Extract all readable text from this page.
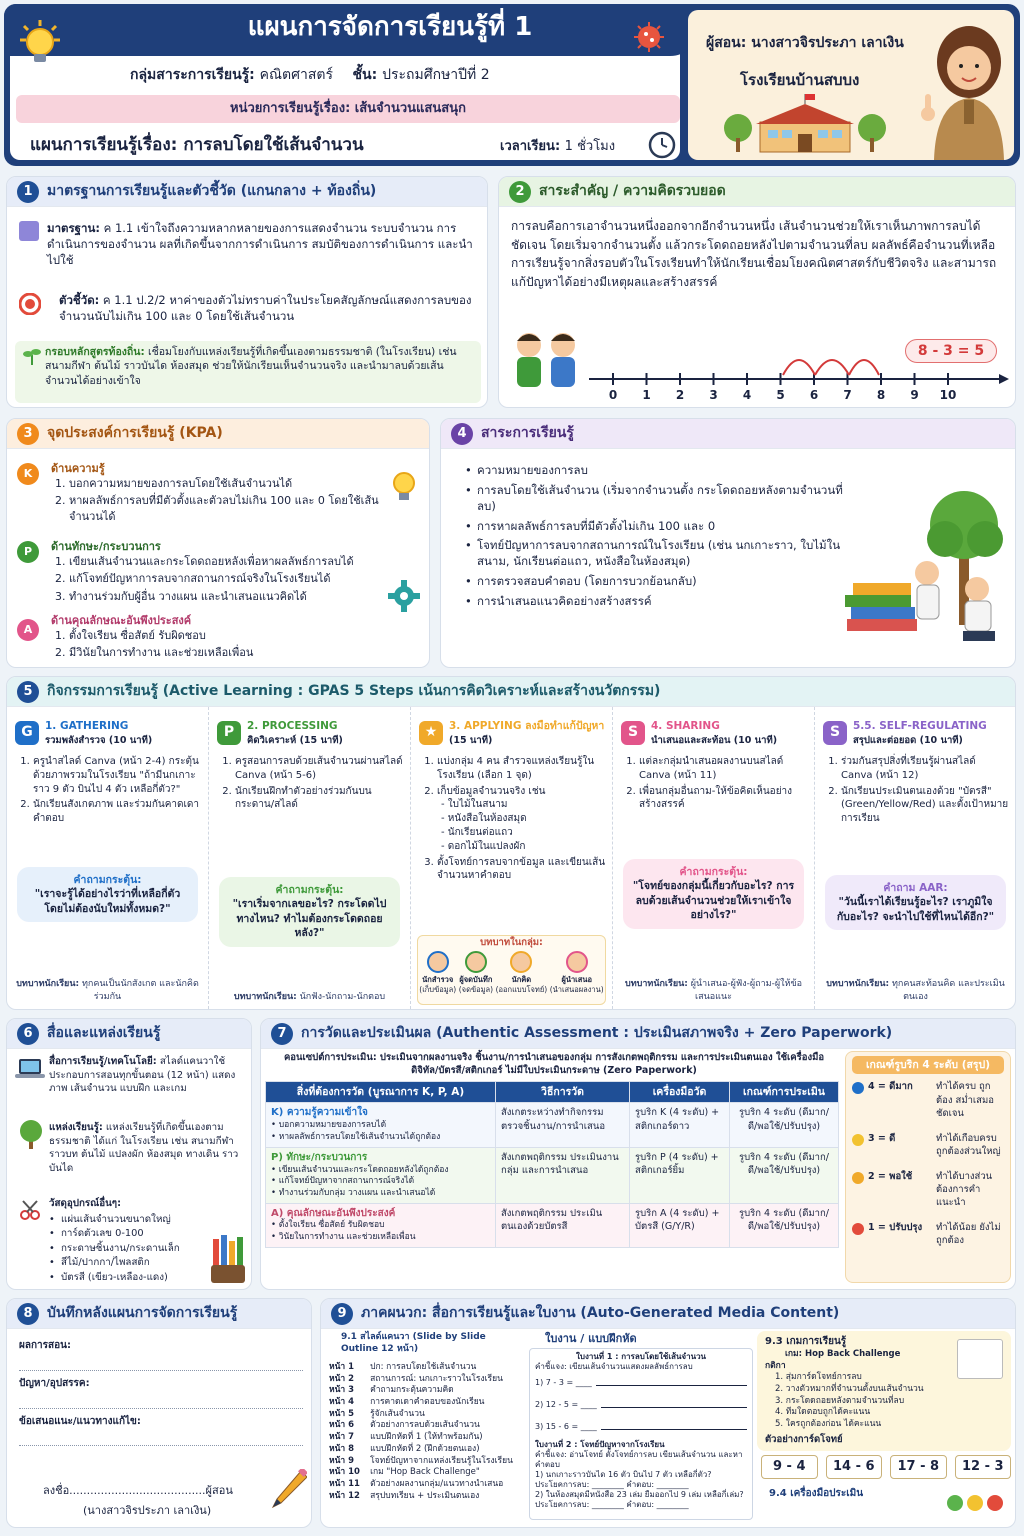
แผนการจัดการเรียนรู้ที่ 1
กลุ่มสาระการเรียนรู้: คณิตศาสตร์ ชั้น: ประถมศึกษาปีที่ 2
หน่วยการเรียนรู้เรื่อง: เส้นจำนวนแสนสนุก
แผนการเรียนรู้เรื่อง: การลบโดยใช้เส้นจำนวน	เวลาเรียน: 1 ชั่วโมง
ผู้สอน: นางสาวจิรประภา เลาเงิน
โรงเรียนบ้านสบบง
1	มาตรฐานการเรียนรู้และตัวชี้วัด (แกนกลาง + ท้องถิ่น)
มาตรฐาน: ค 1.1 เข้าใจถึงความหลากหลายของการแสดงจำนวน ระบบจำนวน การดำเนินการของจำนวน ผลที่เกิดขึ้นจากการดำเนินการ สมบัติของการดำเนินการ และนำไปใช้
ตัวชี้วัด: ค 1.1 ป.2/2 หาค่าของตัวไม่ทราบค่าในประโยคสัญลักษณ์แสดงการลบของจำนวนนับไม่เกิน 100 และ 0 โดยใช้เส้นจำนวน
กรอบหลักสูตรท้องถิ่น: เชื่อมโยงกับแหล่งเรียนรู้ที่เกิดขึ้นเองตามธรรมชาติ (ในโรงเรียน) เช่น สนามกีฬา ต้นไม้ ราวบันได ห้องสมุด ช่วยให้นักเรียนเห็นจำนวนจริง และนำมาลบด้วยเส้นจำนวนได้อย่างเข้าใจ
2	สาระสำคัญ / ความคิดรวบยอด
การลบคือการเอาจำนวนหนึ่งออกจากอีกจำนวนหนึ่ง เส้นจำนวนช่วยให้เราเห็นภาพการลบได้ชัดเจน โดยเริ่มจากจำนวนตั้ง แล้วกระโดดถอยหลังไปตามจำนวนที่ลบ ผลลัพธ์คือจำนวนที่เหลือ การเรียนรู้จากสิ่งรอบตัวในโรงเรียนทำให้นักเรียนเชื่อมโยงคณิตศาสตร์กับชีวิตจริง และสามารถแก้ปัญหาได้อย่างมีเหตุผลและสร้างสรรค์
8 - 3 = 5
0 1 2 3 4 5 6 7 8 9 10
3	จุดประสงค์การเรียนรู้ (KPA)
K	ด้านความรู้
1. บอกความหมายของการลบโดยใช้เส้นจำนวนได้
2. หาผลลัพธ์การลบที่มีตัวตั้งและตัวลบไม่เกิน 100 และ 0 โดยใช้เส้นจำนวนได้
P	ด้านทักษะ/กระบวนการ
1. เขียนเส้นจำนวนและกระโดดถอยหลังเพื่อหาผลลัพธ์การลบได้
2. แก้โจทย์ปัญหาการลบจากสถานการณ์จริงในโรงเรียนได้
3. ทำงานร่วมกับผู้อื่น วางแผน และนำเสนอแนวคิดได้
A
ด้านคุณลักษณะอันพึงประสงค์
1. ตั้งใจเรียน ซื่อสัตย์ รับผิดชอบ
2. มีวินัยในการทำงาน และช่วยเหลือเพื่อน
4	สาระการเรียนรู้
• ความหมายของการลบ
• การลบโดยใช้เส้นจำนวน (เริ่มจากจำนวนตั้ง กระโดดถอยหลังตามจำนวนที่ลบ)
• การหาผลลัพธ์การลบที่มีตัวตั้งไม่เกิน 100 และ 0
• โจทย์ปัญหาการลบจากสถานการณ์ในโรงเรียน (เช่น นกเกาะราว, ใบไม้ในสนาม, นักเรียนต่อแถว, หนังสือในห้องสมุด)
• การตรวจสอบคำตอบ (โดยการบวกย้อนกลับ)
• การนำเสนอแนวคิดอย่างสร้างสรรค์
5	กิจกรรมการเรียนรู้ (Active Learning : GPAS 5 Steps เน้นการคิดวิเคราะห์และสร้างนวัตกรรม)
G	1. GATHERING
รวมพลังสำรวจ (10 นาที)
1. ครูนำสไลด์ Canva (หน้า 2-4) กระตุ้นด้วยภาพรวมในโรงเรียน "ถ้ามีนกเกาะราว 9 ตัว บินไป 4 ตัว เหลือกี่ตัว?"
2. นักเรียนสังเกตภาพ และร่วมกันคาดเดาคำตอบ
คำถามกระตุ้น:
"เราจะรู้ได้อย่างไรว่าที่เหลือกี่ตัว โดยไม่ต้องนับใหม่ทั้งหมด?"
บทบาทนักเรียน: ทุกคนเป็นนักสังเกต และนักคิดร่วมกัน
P	2. PROCESSING
คิดวิเคราะห์ (15 นาที)
1. ครูสอนการลบด้วยเส้นจำนวนผ่านสไลด์ Canva (หน้า 5-6)
2. นักเรียนฝึกทำตัวอย่างร่วมกันบนกระดาน/สไลด์
คำถามกระตุ้น:
"เราเริ่มจากเลขอะไร? กระโดดไปทางไหน? ทำไมต้องกระโดดถอยหลัง?"
บทบาทนักเรียน: นักฟัง-นักถาม-นักตอบ
★	3. APPLYING ลงมือทำแก้ปัญหา
(15 นาที)
1. แบ่งกลุ่ม 4 คน สำรวจแหล่งเรียนรู้ในโรงเรียน (เลือก 1 จุด)
2. เก็บข้อมูลจำนวนจริง เช่น
- ใบไม้ในสนาม
- หนังสือในห้องสมุด
- นักเรียนต่อแถว
- ดอกไม้ในแปลงผัก
3. ตั้งโจทย์การลบจากข้อมูล และเขียนเส้นจำนวนหาคำตอบ
บทบาทในกลุ่ม:
นักสำรวจ
(เก็บข้อมูล)
ผู้จดบันทึก
(จดข้อมูล)
นักคิด
(ออกแบบโจทย์)
ผู้นำเสนอ
(นำเสนอผลงาน)
S	4. SHARING
นำเสนอและสะท้อน (10 นาที)
1. แต่ละกลุ่มนำเสนอผลงานบนสไลด์ Canva (หน้า 11)
2. เพื่อนกลุ่มอื่นถาม-ให้ข้อคิดเห็นอย่างสร้างสรรค์
คำถามกระตุ้น:
"โจทย์ของกลุ่มนี้เกี่ยวกับอะไร? การลบด้วยเส้นจำนวนช่วยให้เราเข้าใจอย่างไร?"
บทบาทนักเรียน: ผู้นำเสนอ-ผู้ฟัง-ผู้ถาม-ผู้ให้ข้อเสนอแนะ
S	5.5. SELF-REGULATING
สรุปและต่อยอด (10 นาที)
1. ร่วมกันสรุปสิ่งที่เรียนรู้ผ่านสไลด์ Canva (หน้า 12)
2. นักเรียนประเมินตนเองด้วย "บัตรสี" (Green/Yellow/Red) และตั้งเป้าหมายการเรียน
คำถาม AAR:
"วันนี้เราได้เรียนรู้อะไร? เราภูมิใจกับอะไร? จะนำไปใช้ที่ไหนได้อีก?"
บทบาทนักเรียน: ทุกคนสะท้อนคิด และประเมินตนเอง
6	สื่อและแหล่งเรียนรู้
สื่อการเรียนรู้/เทคโนโลยี: สไลด์แคนวาใช้ประกอบการสอนทุกขั้นตอน (12 หน้า) แสดงภาพ เส้นจำนวน แบบฝึก และเกม
แหล่งเรียนรู้: แหล่งเรียนรู้ที่เกิดขึ้นเองตามธรรมชาติ ได้แก่ ในโรงเรียน เช่น สนามกีฬา ราวบท ต้นไม้ แปลงผัก ห้องสมุด ทางเดิน ราวบันได
วัสดุอุปกรณ์อื่นๆ:
• แผ่นเส้นจำนวนขนาดใหญ่
• การ์ดตัวเลข 0-100
• กระดาษชิ้นงาน/กระดานเล็ก
• สีไม้/ปากกา/ไพลสติก
• บัตรสี (เขียว-เหลือง-แดง)
7	การวัดและประเมินผล (Authentic Assessment : ประเมินสภาพจริง + Zero Paperwork)
คอนเซปต์การประเมิน: ประเมินจากผลงานจริง ชิ้นงาน/การนำเสนอของกลุ่ม การสังเกตพฤติกรรม และการประเมินตนเอง ใช้เครื่องมือดิจิทัล/บัตรสี/สติกเกอร์ ไม่มีใบประเมินกระดาษ (Zero Paperwork)
สิ่งที่ต้องการวัด (บูรณาการ K, P, A)	วิธีการวัด	เครื่องมือวัด	เกณฑ์การประเมิน

K) ความรู้ความเข้าใจ
• บอกความหมายของการลบได้
• หาผลลัพธ์การลบโดยใช้เส้นจำนวนได้ถูกต้อง	สังเกตระหว่างทำกิจกรรม ตรวจชิ้นงาน/การนำเสนอ	รูบริก K (4 ระดับ) + สติกเกอร์ดาว	รูบริก 4 ระดับ (ดีมาก/ดี/พอใช้/ปรับปรุง)

P) ทักษะ/กระบวนการ
• เขียนเส้นจำนวนและกระโดดถอยหลังได้ถูกต้อง
• แก้โจทย์ปัญหาจากสถานการณ์จริงได้
• ทำงานร่วมกับกลุ่ม วางแผน และนำเสนอได้	สังเกตพฤติกรรม ประเมินงานกลุ่ม และการนำเสนอ	รูบริก P (4 ระดับ) + สติกเกอร์ยิ้ม	รูบริก 4 ระดับ (ดีมาก/ดี/พอใช้/ปรับปรุง)

A) คุณลักษณะอันพึงประสงค์
• ตั้งใจเรียน ซื่อสัตย์ รับผิดชอบ
• วินัยในการทำงาน และช่วยเหลือเพื่อน	สังเกตพฤติกรรม ประเมินตนเองด้วยบัตรสี	รูบริก A (4 ระดับ) + บัตรสี (G/Y/R)	รูบริก 4 ระดับ (ดีมาก/ดี/พอใช้/ปรับปรุง)
เกณฑ์รูบริก 4 ระดับ (สรุป)
4 = ดีมาก	ทำได้ครบ ถูกต้อง สม่ำเสมอ ชัดเจน
3 = ดี	ทำได้เกือบครบ ถูกต้องส่วนใหญ่
2 = พอใช้	ทำได้บางส่วน ต้องการคำแนะนำ
1 = ปรับปรุง	ทำได้น้อย ยังไม่ถูกต้อง
8	บันทึกหลังแผนการจัดการเรียนรู้
ผลการสอน:
ปัญหา/อุปสรรค:
ข้อเสนอแนะ/แนวทางแก้ไข:
ลงชื่อ.......................................ผู้สอน
(นางสาวจิรประภา เลาเงิน)
9	ภาคผนวก: สื่อการเรียนรู้และใบงาน (Auto-Generated Media Content)
9.1 สไลด์แคนวา (Slide by Slide Outline 12 หน้า)
หน้า 1	ปก: การลบโดยใช้เส้นจำนวน
หน้า 2	สถานการณ์: นกเกาะราวในโรงเรียน
หน้า 3	คำถามกระตุ้นความคิด
หน้า 4	การคาดเดาคำตอบของนักเรียน
หน้า 5	รู้จักเส้นจำนวน
หน้า 6	ตัวอย่างการลบด้วยเส้นจำนวน
หน้า 7	แบบฝึกหัดที่ 1 (ให้ทำพร้อมกัน)
หน้า 8	แบบฝึกหัดที่ 2 (ฝึกด้วยตนเอง)
หน้า 9	โจทย์ปัญหาจากแหล่งเรียนรู้ในโรงเรียน
หน้า 10	เกม "Hop Back Challenge"
หน้า 11	ตัวอย่างผลงานกลุ่ม/แนวทางนำเสนอ
หน้า 12	สรุปบทเรียน + ประเมินตนเอง
ใบงาน / แบบฝึกหัด
ใบงานที่ 1 : การลบโดยใช้เส้นจำนวน
คำชี้แจง: เขียนเส้นจำนวนแสดงผลลัพธ์การลบ
1) 7 - 3 = ____
2) 12 - 5 = ____
3) 15 - 6 = ____
ใบงานที่ 2 : โจทย์ปัญหาจากโรงเรียน
คำชี้แจง: อ่านโจทย์ ตั้งโจทย์การลบ เขียนเส้นจำนวน และหาคำตอบ
1) นกเกาะราวบันได 16 ตัว บินไป 7 ตัว เหลือกี่ตัว?
ประโยคการลบ: ________ คำตอบ: ________
2) ในห้องสมุดมีหนังสือ 23 เล่ม ยืมออกไป 9 เล่ม เหลือกี่เล่ม?
ประโยคการลบ: ________ คำตอบ: ________
9.3 เกมการเรียนรู้
เกม: Hop Back Challenge
กติกา
1. สุ่มการ์ดโจทย์การลบ
2. วางตัวหมากที่จำนวนตั้งบนเส้นจำนวน
3. กระโดดถอยหลังตามจำนวนที่ลบ
4. ทีมใดตอบถูกได้คะแนน
5. ใครถูกต้องก่อน ได้คะแนน
ตัวอย่างการ์ดโจทย์
9 - 4	14 - 6	17 - 8	12 - 3
9.4 เครื่องมือประเมิน
